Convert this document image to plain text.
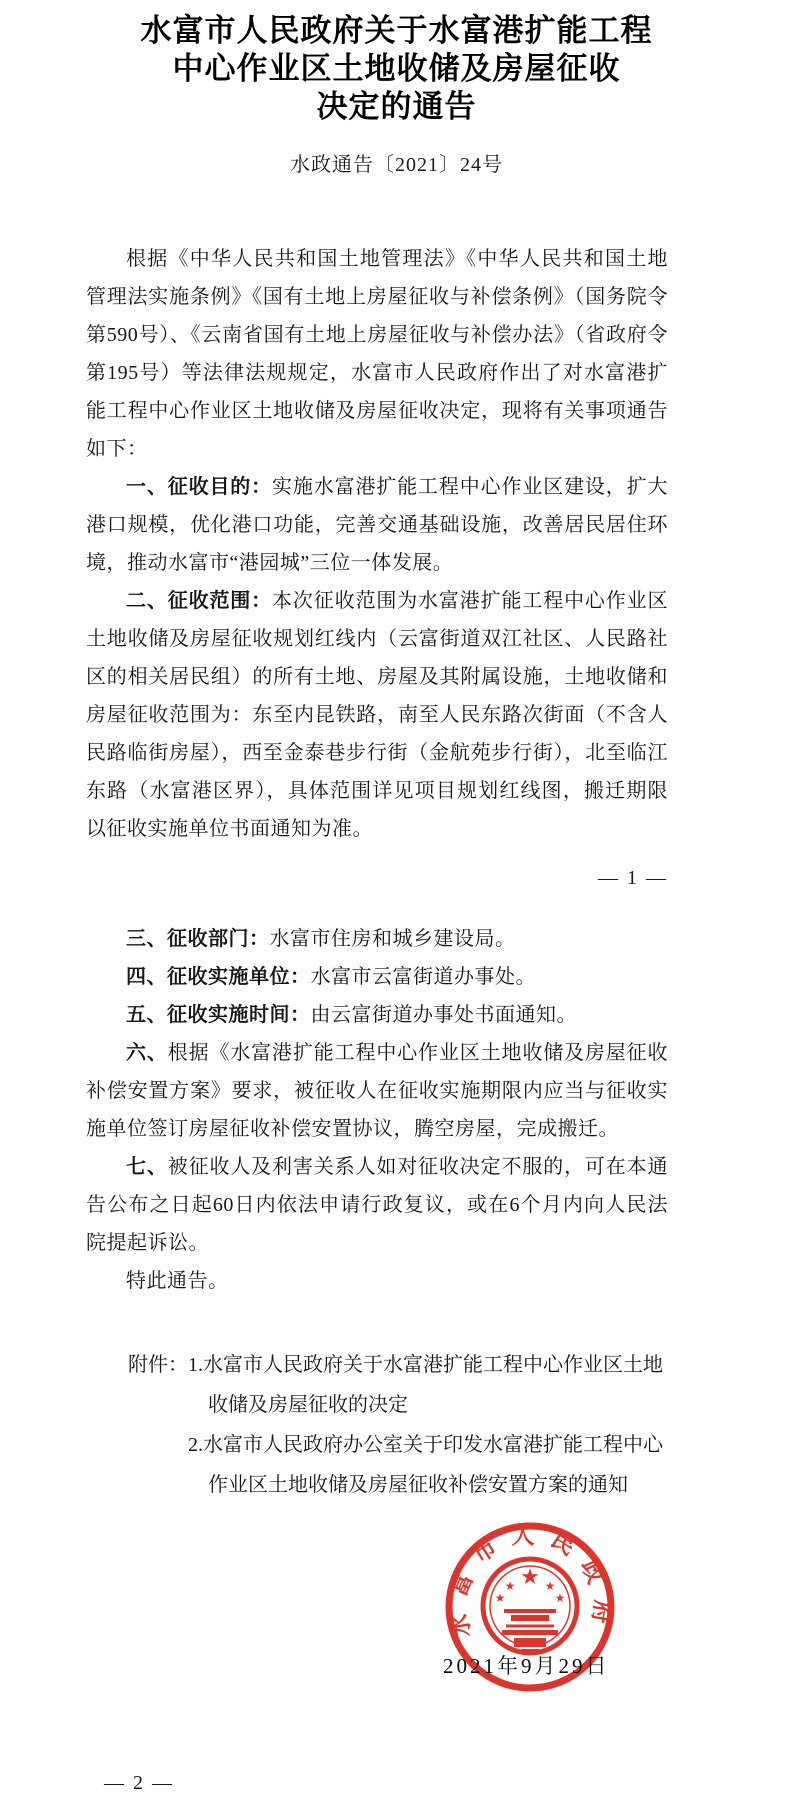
水富市人民政府关于水富港扩能工程
中心作业区土地收储及房屋征收
决定的通告
水政通告〔2021〕24号

根据《中华人民共和国土地管理法》《中华人民共和国土地管理法实施条例》《国有土地上房屋征收与补偿条例》（国务院令第590号）、《云南省国有土地上房屋征收与补偿办法》（省政府令第195号）等法律法规规定，水富市人民政府作出了对水富港扩能工程中心作业区土地收储及房屋征收决定，现将有关事项通告如下：

一、征收目的：实施水富港扩能工程中心作业区建设，扩大港口规模，优化港口功能，完善交通基础设施，改善居民居住环境，推动水富市“港园城”三位一体发展。

二、征收范围：本次征收范围为水富港扩能工程中心作业区土地收储及房屋征收规划红线内（云富街道双江社区、人民路社区的相关居民组）的所有土地、房屋及其附属设施，土地收储和房屋征收范围为：东至内昆铁路，南至人民东路次街面（不含人民路临街房屋），西至金泰巷步行街（金航苑步行街），北至临江东路（水富港区界），具体范围详见项目规划红线图，搬迁期限以征收实施单位书面通知为准。

— 1 —

三、征收部门：水富市住房和城乡建设局。

四、征收实施单位：水富市云富街道办事处。

五、征收实施时间：由云富街道办事处书面通知。

六、根据《水富港扩能工程中心作业区土地收储及房屋征收补偿安置方案》要求，被征收人在征收实施期限内应当与征收实施单位签订房屋征收补偿安置协议，腾空房屋，完成搬迁。

七、被征收人及利害关系人如对征收决定不服的，可在本通告公布之日起60日内依法申请行政复议，或在6个月内向人民法院提起诉讼。

特此通告。

附件： 1.水富市人民政府关于水富港扩能工程中心作业区土地收储及房屋征收的决定
2.水富市人民政府办公室关于印发水富港扩能工程中心作业区土地收储及房屋征收补偿安置方案的通知
水富市人民政府
★
★
★
★
★
2021年9月29日
— 2 —
